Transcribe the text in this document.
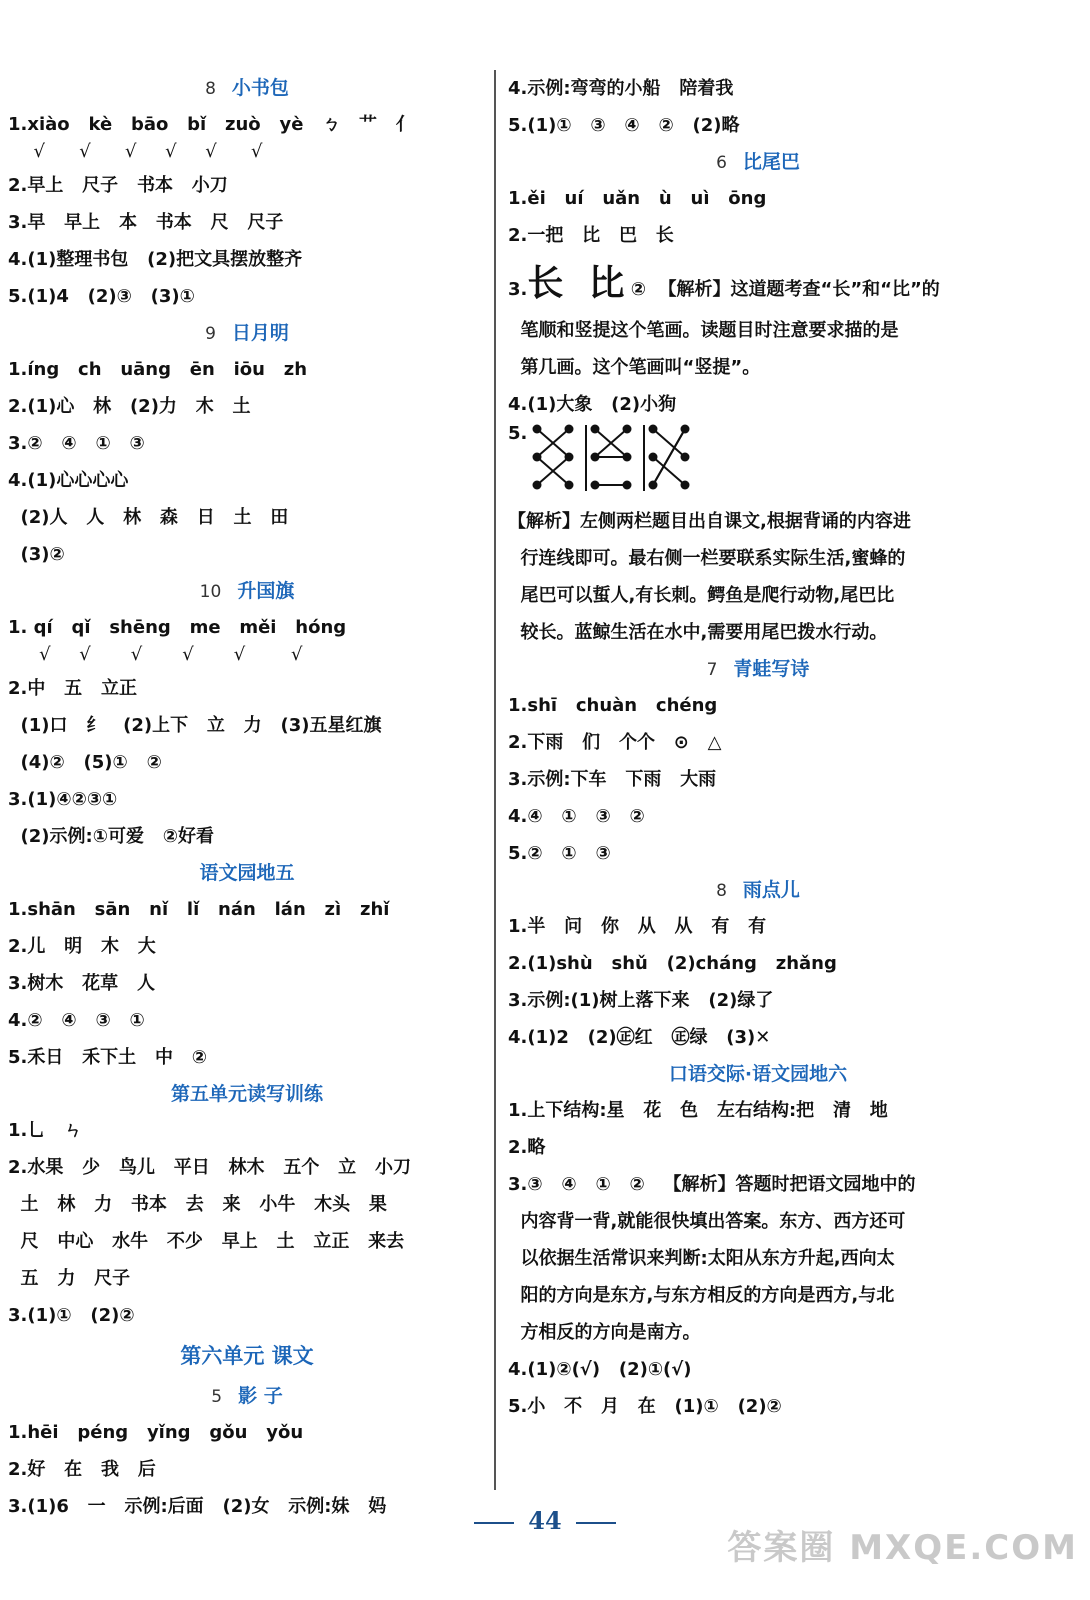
8 小书包
1.xiào   kè   bāo   bǐ   zuò   yè   ㄅ   艹   亻
√      √      √     √     √      √
2.早上   尺子   书本   小刀
3.早   早上   本   书本   尺   尺子
4.(1)整理书包   (2)把文具摆放整齐
5.(1)4   (2)③   (3)①
9 日月明
1.íng   ch   uāng   ēn   iōu   zh
2.(1)心   林   (2)力   木   土
3.②   ④   ①   ③
4.(1)心心心心
(2)人   人   林   森   日   土   田
(3)②
10 升国旗
1. qí   qǐ   shēng   me   měi   hóng
√     √       √       √       √        √
2.中   五   立正
(1)口   纟   (2)上下   立   力   (3)五星红旗
(4)②   (5)①   ②
3.(1)④②③①
(2)示例:①可爱   ②好看
语文园地五
1.shān   sān   nǐ   lǐ   nán   lán   zì   zhǐ
2.儿   明   木   大
3.树木   花草   人
4.②   ④   ③   ①
5.禾日   禾下土   中   ②
第五单元读写训练
1.乚   ㄣ
2.水果   少   鸟儿   平日   林木   五个   立   小刀
土   林   力   书本   去   来   小牛   木头   果
尺   中心   水牛   不少   早上   土   立正   来去
五   力   尺子
3.(1)①   (2)②
第六单元 课文
5 影 子
1.hēi   péng   yǐng   gǒu   yǒu
2.好   在   我   后
3.(1)6   一   示例:后面   (2)女   示例:妹   妈
4.示例:弯弯的小船   陪着我
5.(1)①   ③   ④   ②   (2)略
6 比尾巴
1.ěi   uí   uǎn   ù   uì   ōng
2.一把   比   巴   长
3.长  比 ②  【解析】这道题考查“长”和“比”的
笔顺和竖提这个笔画。读题目时注意要求描的是
第几画。这个笔画叫“竖提”。
4.(1)大象   (2)小狗
5.
【解析】左侧两栏题目出自课文,根据背诵的内容进
行连线即可。最右侧一栏要联系实际生活,蜜蜂的
尾巴可以蜇人,有长刺。鳄鱼是爬行动物,尾巴比
较长。蓝鲸生活在水中,需要用尾巴拨水行动。
7 青蛙写诗
1.shī   chuàn   chéng
2.下雨   们   个个   ⊙   △
3.示例:下车   下雨   大雨
4.④   ①   ③   ②
5.②   ①   ③
8 雨点儿
1.半   问   你   从   从   有   有
2.(1)shù   shǔ   (2)cháng   zhǎng
3.示例:(1)树上落下来   (2)绿了
4.(1)2   (2)㊣红   ㊣绿   (3)✕
口语交际·语文园地六
1.上下结构:星   花   色   左右结构:把   清   地
2.略
3.③   ④   ①   ②   【解析】答题时把语文园地中的
内容背一背,就能很快填出答案。东方、西方还可
以依据生活常识来判断:太阳从东方升起,西向太
阳的方向是东方,与东方相反的方向是西方,与北
方相反的方向是南方。
4.(1)②(√)   (2)①(√)
5.小   不   月   在   (1)①   (2)②
44
答案圈 MXQE.COM
